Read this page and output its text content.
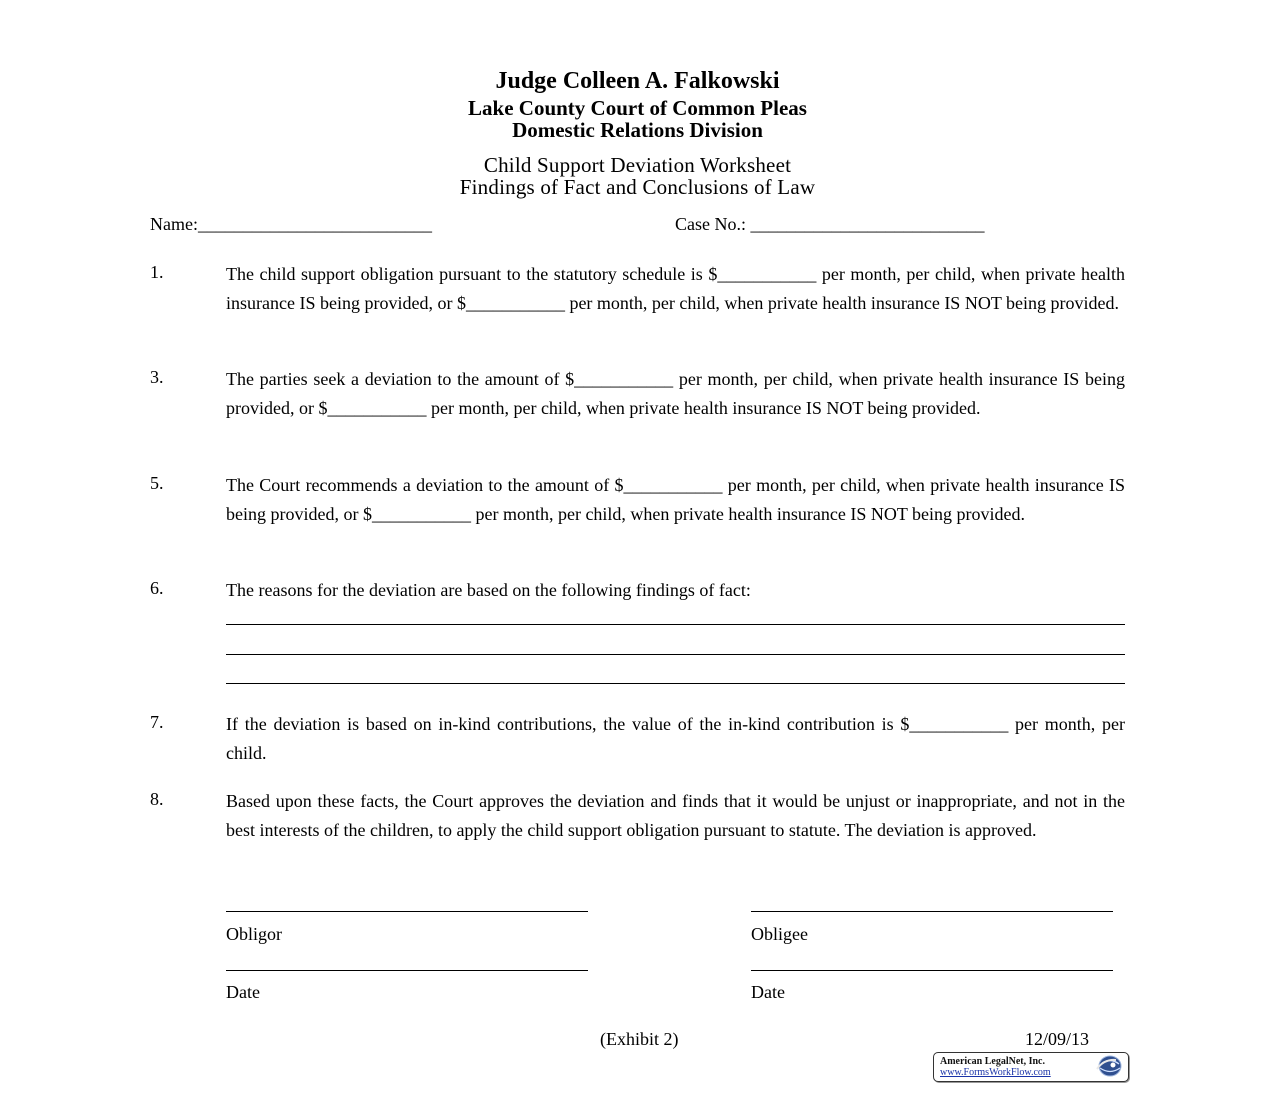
Judge Colleen A. Falkowski
Lake County Court of Common Pleas
Domestic Relations Division
Child Support Deviation Worksheet
Findings of Fact and Conclusions of Law
Name:__________________________	Case No.: __________________________
1.	The child support obligation pursuant to the statutory schedule is $___________ per month, per child, when private health insurance IS being provided, or $___________ per month, per child, when private health insurance IS NOT being provided.
3.	The parties seek a deviation to the amount of $___________ per month, per child, when private health insurance IS being provided, or $___________ per month, per child, when private health insurance IS NOT being provided.
5.	The Court recommends a deviation to the amount of $___________ per month, per child, when private health insurance IS being provided, or $___________ per month, per child, when private health insurance IS NOT being provided.
6.	The reasons for the deviation are based on the following findings of fact:
7.	If the deviation is based on in-kind contributions, the value of the in-kind contribution is $___________ per month, per child.
8.	Based upon these facts, the Court approves the deviation and finds that it would be unjust or inappropriate, and not in the best interests of the children, to apply the child support obligation pursuant to statute. The deviation is approved.
Obligor	Obligee
Date	Date
(Exhibit 2)	12/09/13
American LegalNet, Inc.
www.FormsWorkFlow.com
